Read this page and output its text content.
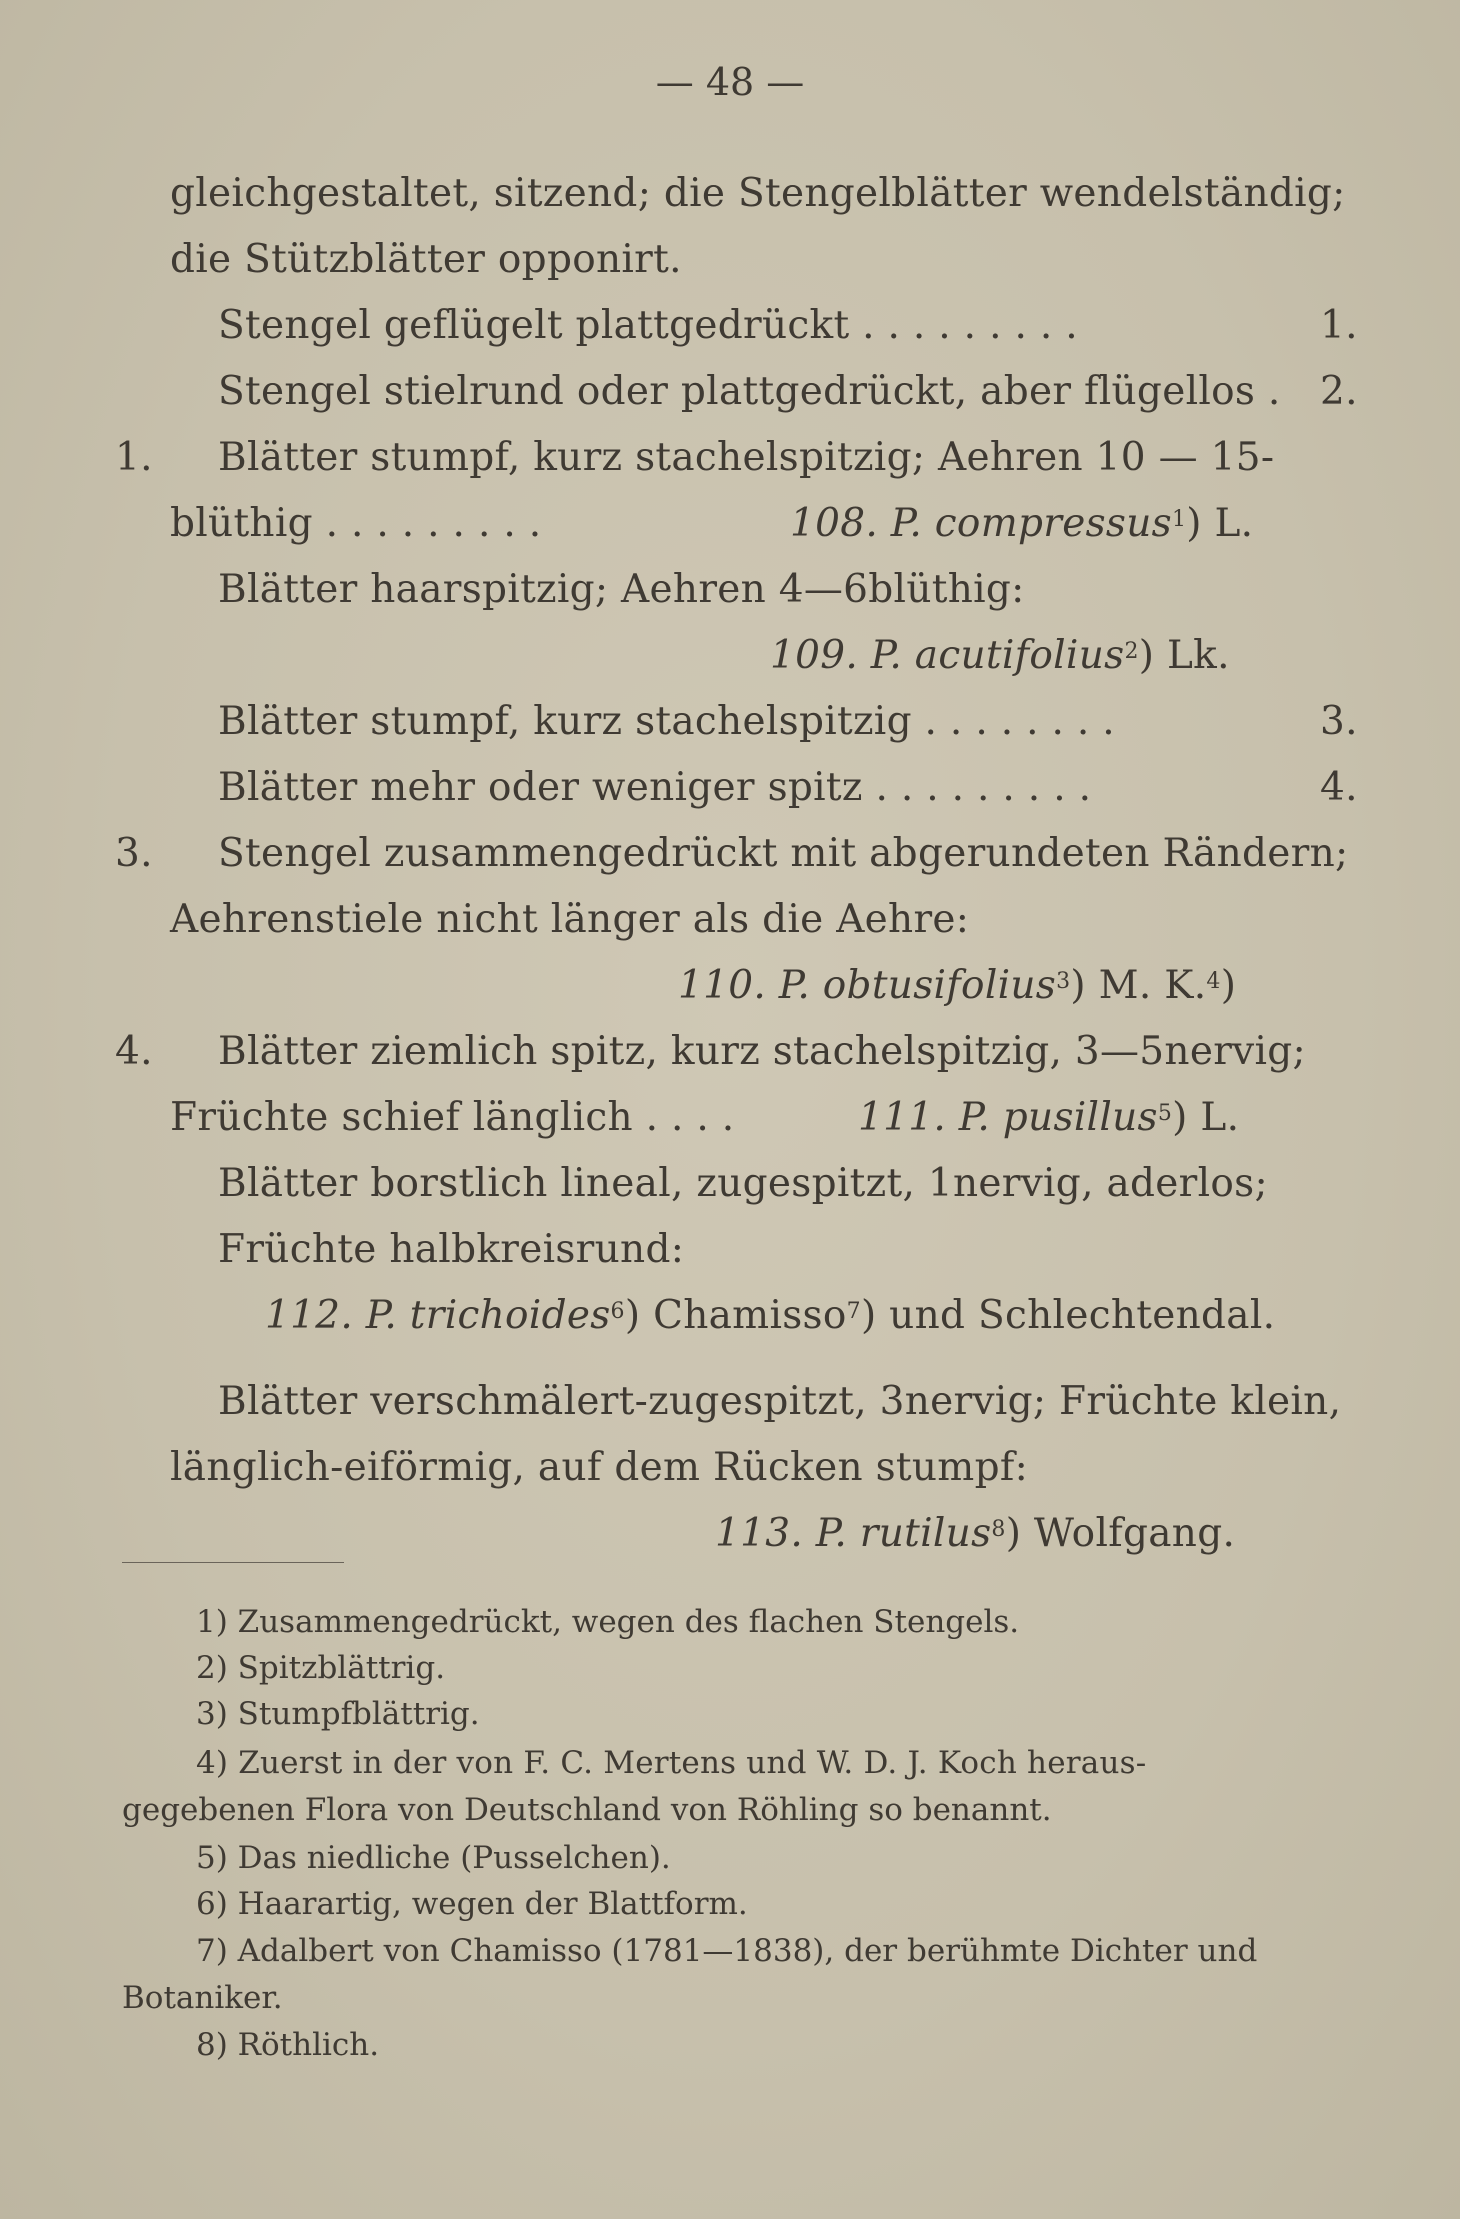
— 48 —
gleichgestaltet, sitzend; die Stengelblätter wendelständig;
die Stützblätter opponirt.
Stengel geflügelt plattgedrückt . . . . . . . . .	1.
Stengel stielrund oder plattgedrückt, aber flügellos . 2.
1. Blätter stumpf, kurz stachelspitzig; Aehren 10 — 15-
blüthig . . . . . . . . .	108. P. compressus$^1$) L.
Blätter haarspitzig; Aehren 4—6blüthig:
109. P. acutifolius$^2$) Lk.
Blätter stumpf, kurz stachelspitzig . . . . . . . .	3.
Blätter mehr oder weniger spitz . . . . . . . . .	4.
3. Stengel zusammengedrückt mit abgerundeten Rändern;
Aehrenstiele nicht länger als die Aehre:
110. P. obtusifolius$^3$) M. K.$^4$)
4. Blätter ziemlich spitz, kurz stachelspitzig, 3—5nervig;
Früchte schief länglich . . . .	111. P. pusillus$^5$) L.
Blätter borstlich lineal, zugespitzt, 1nervig, aderlos;
Früchte halbkreisrund:
112. P. trichoides$^6$) Chamisso$^7$) und Schlechtendal.
Blätter verschmälert-zugespitzt, 3nervig; Früchte klein,
länglich-eiförmig, auf dem Rücken stumpf:
113. P. rutilus$^8$) Wolfgang.
1) Zusammengedrückt, wegen des flachen Stengels.
2) Spitzblättrig.
3) Stumpfblättrig.
4) Zuerst in der von F. C. Mertens und W. D. J. Koch heraus-
gegebenen Flora von Deutschland von Röhling so benannt.
5) Das niedliche (Pusselchen).
6) Haarartig, wegen der Blattform.
7) Adalbert von Chamisso (1781—1838), der berühmte Dichter und
Botaniker.
8) Röthlich.
